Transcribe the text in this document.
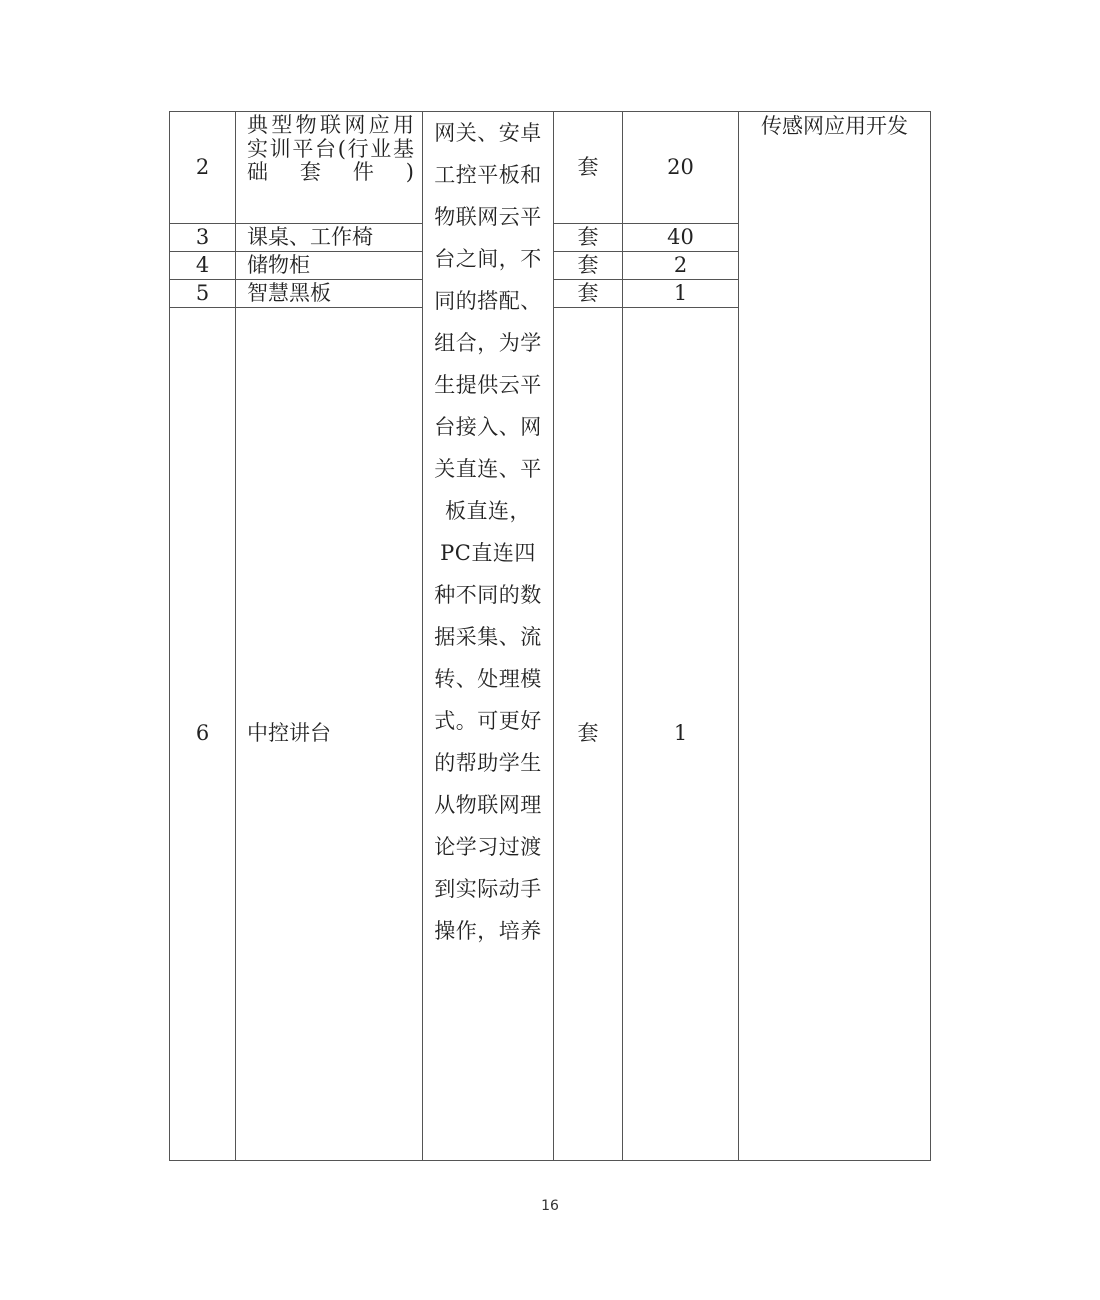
2	典型物联网应用实训平台(行业基础套件)	网关、安卓工控平板和物联网云平台之间，不同的搭配、组合，为学生提供云平台接入、网关直连、平板直连，PC直连四种不同的数据采集、流转、处理模式。可更好的帮助学生从物联网理论学习过渡到实际动手操作，培养	套	20	传感网应用开发
3	课桌、工作椅		套	40	
4	储物柜		套	2	
5	智慧黑板		套	1	
6	中控讲台		套	1	
16
